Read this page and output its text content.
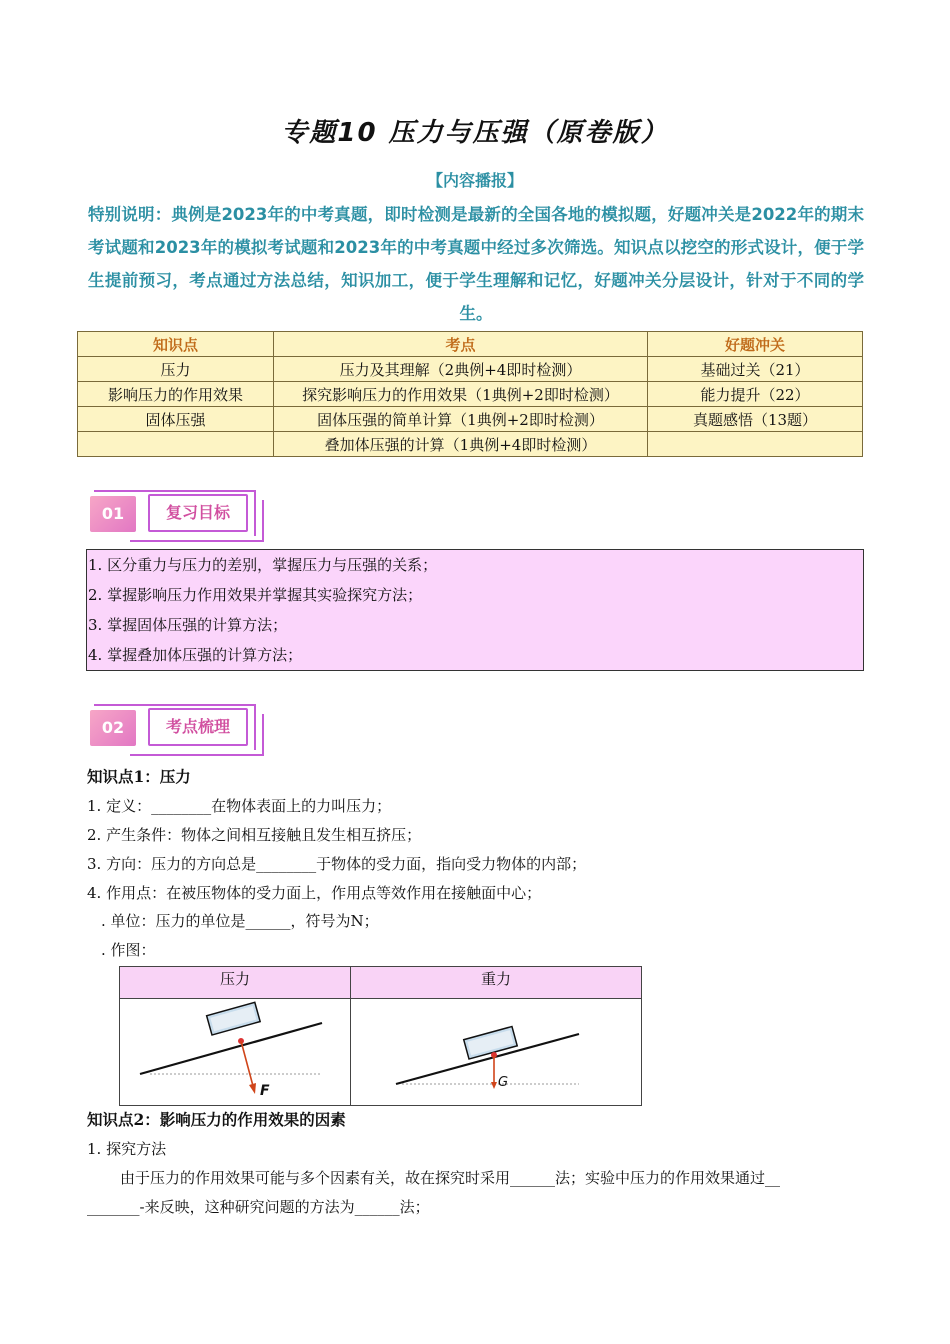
专题10 压力与压强（原卷版）
【内容播报】
特别说明：典例是2023年的中考真题，即时检测是最新的全国各地的模拟题，好题冲关是2022年的期末考试题和2023年的模拟考试题和2023年的中考真题中经过多次筛选。知识点以挖空的形式设计，便于学生提前预习，考点通过方法总结，知识加工，便于学生理解和记忆，好题冲关分层设计，针对于不同的学生。
知识点	考点	好题冲关
压力	压力及其理解（2典例+4即时检测）	基础过关（21）
影响压力的作用效果	探究影响压力的作用效果（1典例+2即时检测）	能力提升（22）
固体压强	固体压强的简单计算（1典例+2即时检测）	真题感悟（13题）
	叠加体压强的计算（1典例+4即时检测）	
01	复习目标
1. 区分重力与压力的差别，掌握压力与压强的关系；
2. 掌握影响压力作用效果并掌握其实验探究方法；
3. 掌握固体压强的计算方法；
4. 掌握叠加体压强的计算方法；
02	考点梳理
知识点1：压力
1. 定义：________在物体表面上的力叫压力；
2. 产生条件：物体之间相互接触且发生相互挤压；
3. 方向：压力的方向总是________于物体的受力面，指向受力物体的内部；
4. 作用点：在被压物体的受力面上，作用点等效作用在接触面中心；
. 单位：压力的单位是______，符号为N；
. 作图：
压力	重力
F
G
知识点2：影响压力的作用效果的因素
1. 探究方法
由于压力的作用效果可能与多个因素有关，故在探究时采用______法；实验中压力的作用效果通过__
_______-来反映，这种研究问题的方法为______法；
